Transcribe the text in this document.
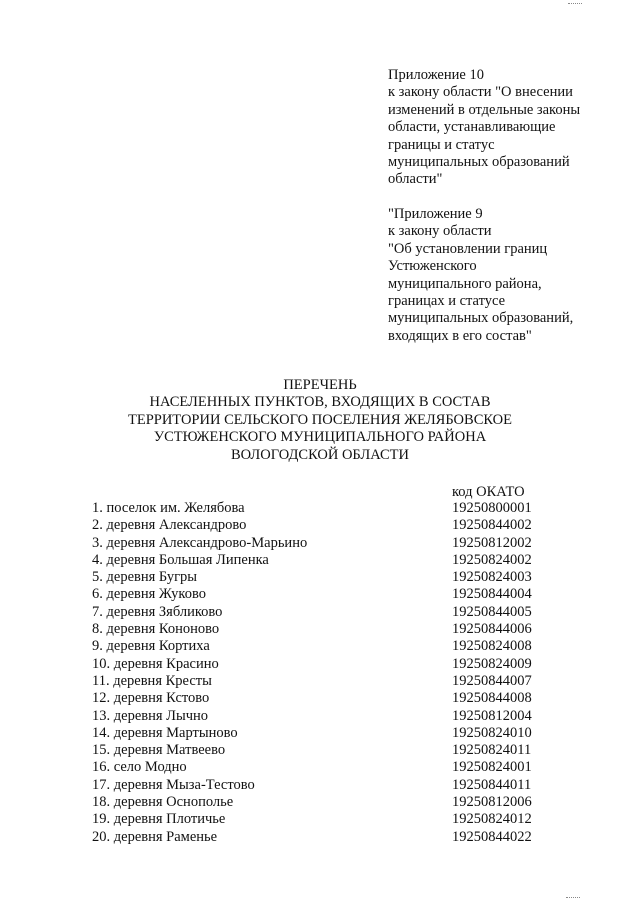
Приложение 10
к закону области "О внесении
изменений в отдельные законы
области, устанавливающие
границы и статус
муниципальных образований
области"
"Приложение 9
к закону области
"Об установлении границ
Устюженского
муниципального района,
границах и статусе
муниципальных образований,
входящих в его состав"
ПЕРЕЧЕНЬ
НАСЕЛЕННЫХ ПУНКТОВ, ВХОДЯЩИХ В СОСТАВ
ТЕРРИТОРИИ СЕЛЬСКОГО ПОСЕЛЕНИЯ ЖЕЛЯБОВСКОЕ
УСТЮЖЕНСКОГО МУНИЦИПАЛЬНОГО РАЙОНА
ВОЛОГОДСКОЙ ОБЛАСТИ
код ОКАТО
1. поселок им. Желябова	19250800001
2. деревня Александрово	19250844002
3. деревня Александрово-Марьино	19250812002
4. деревня Большая Липенка	19250824002
5. деревня Бугры	19250824003
6. деревня Жуково	19250844004
7. деревня Зябликово	19250844005
8. деревня Кононово	19250844006
9. деревня Кортиха	19250824008
10. деревня Красино	19250824009
11. деревня Кресты	19250844007
12. деревня Кстово	19250844008
13. деревня Лычно	19250812004
14. деревня Мартыново	19250824010
15. деревня Матвеево	19250824011
16. село Модно	19250824001
17. деревня Мыза-Тестово	19250844011
18. деревня Оснополье	19250812006
19. деревня Плотичье	19250824012
20. деревня Раменье	19250844022
